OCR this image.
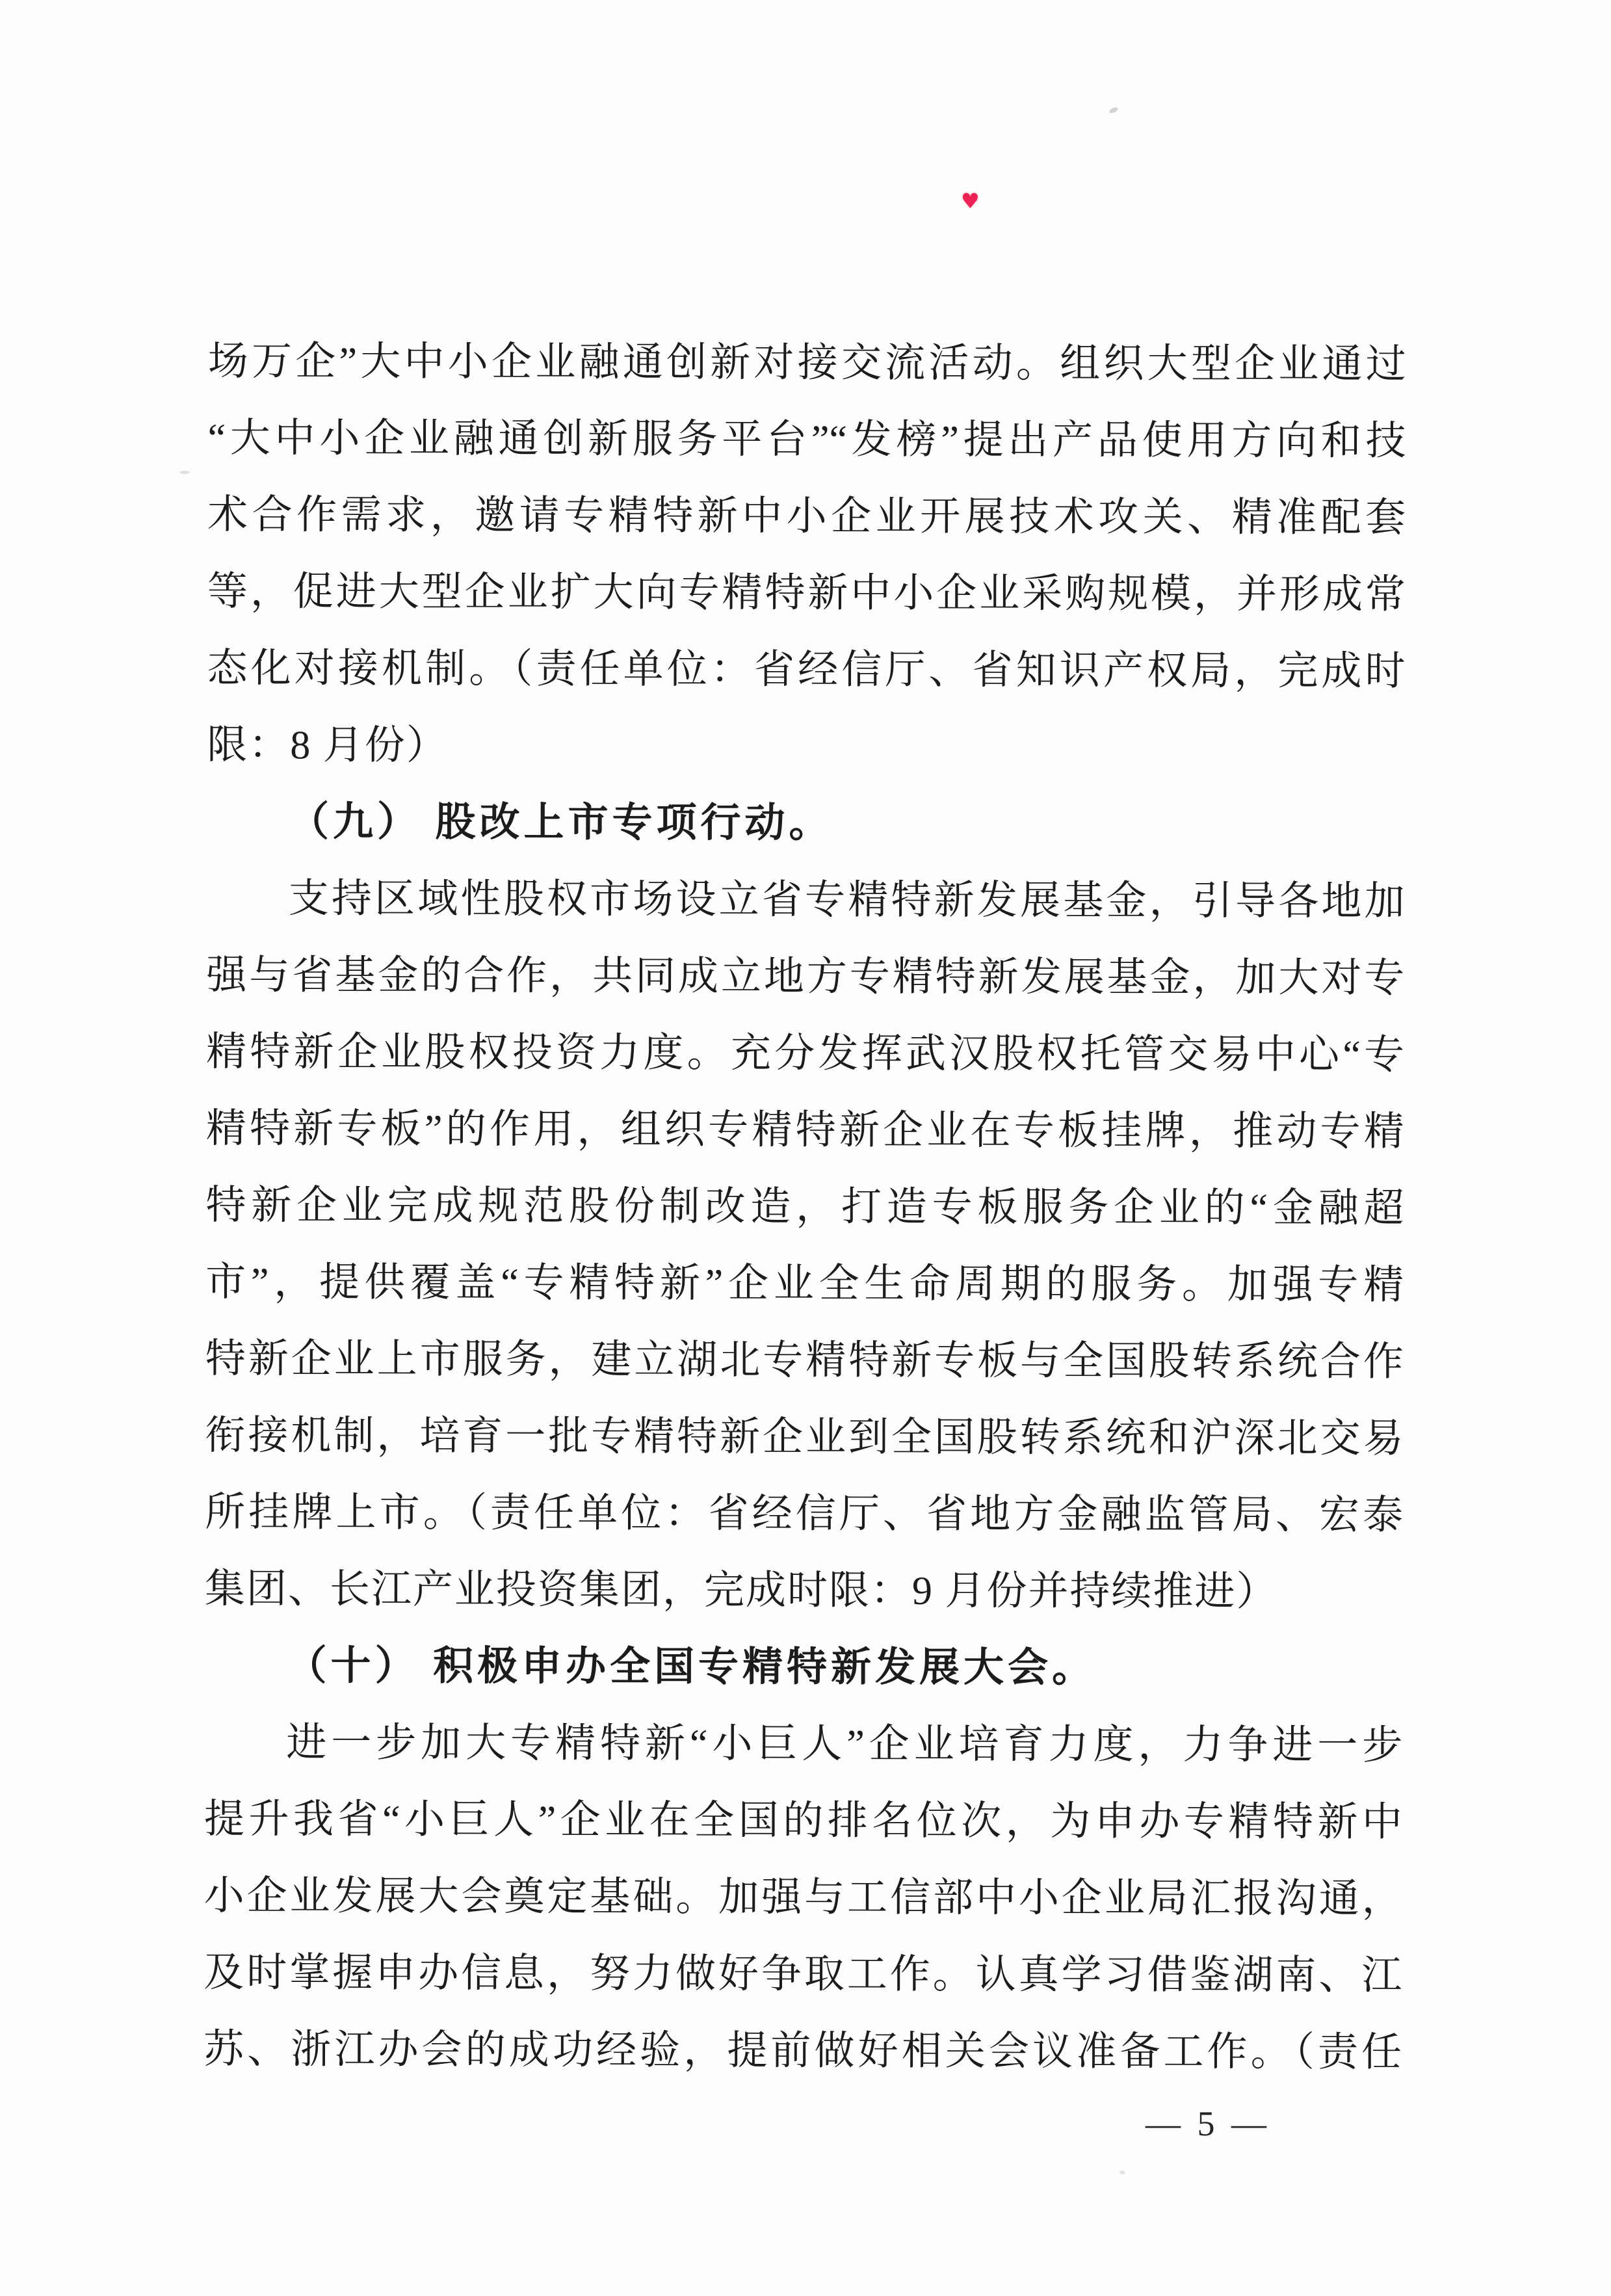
♥
场万企”大中小企业融通创新对接交流活动。组织大型企业通过
“大中小企业融通创新服务平台”“发榜”提出产品使用方向和技
术合作需求，邀请专精特新中小企业开展技术攻关、精准配套
等，促进大型企业扩大向专精特新中小企业采购规模，并形成常
态化对接机制。（责任单位：省经信厅、省知识产权局，完成时
限：8 月份）
（九） 股改上市专项行动。
支持区域性股权市场设立省专精特新发展基金，引导各地加
强与省基金的合作，共同成立地方专精特新发展基金，加大对专
精特新企业股权投资力度。充分发挥武汉股权托管交易中心“专
精特新专板”的作用，组织专精特新企业在专板挂牌，推动专精
特新企业完成规范股份制改造，打造专板服务企业的“金融超
市”，提供覆盖“专精特新”企业全生命周期的服务。加强专精
特新企业上市服务，建立湖北专精特新专板与全国股转系统合作
衔接机制，培育一批专精特新企业到全国股转系统和沪深北交易
所挂牌上市。（责任单位：省经信厅、省地方金融监管局、宏泰
集团、长江产业投资集团，完成时限：9 月份并持续推进）
（十） 积极申办全国专精特新发展大会。
进一步加大专精特新“小巨人”企业培育力度，力争进一步
提升我省“小巨人”企业在全国的排名位次，为申办专精特新中
小企业发展大会奠定基础。加强与工信部中小企业局汇报沟通，
及时掌握申办信息，努力做好争取工作。认真学习借鉴湖南、江
苏、浙江办会的成功经验，提前做好相关会议准备工作。（责任
— 5 —
